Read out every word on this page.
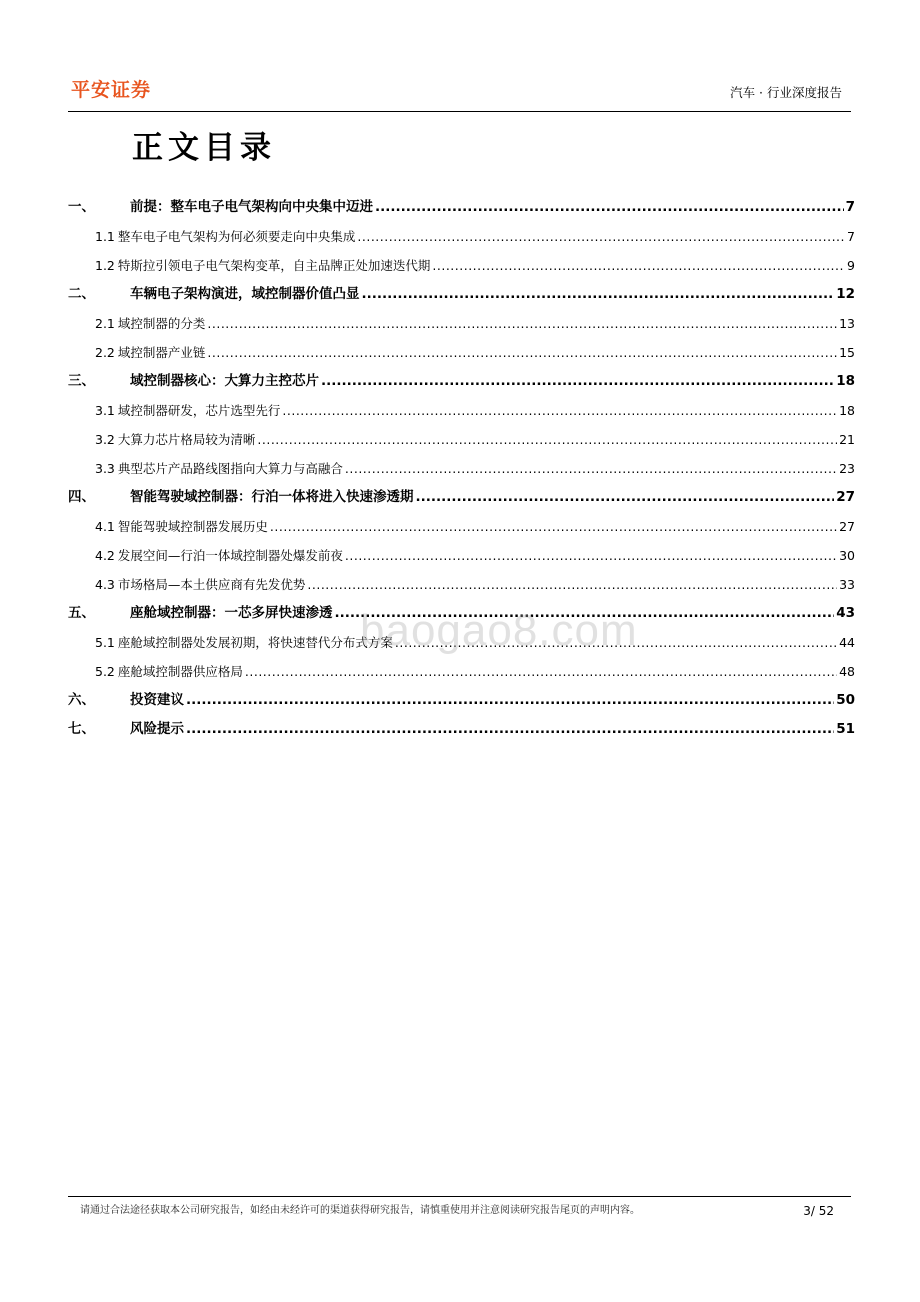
平安证券	汽车 · 行业深度报告
正文目录
一、	前提：整车电子电气架构向中央集中迈进 .....	7
1.1 整车电子电气架构为何必须要走向中央集成 .....	7
1.2 特斯拉引领电子电气架构变革，自主品牌正处加速迭代期 .....	9
二、	车辆电子架构演进，域控制器价值凸显 .....	12
2.1 域控制器的分类 .....	13
2.2 域控制器产业链 .....	15
三、	域控制器核心：大算力主控芯片 .....	18
3.1 域控制器研发，芯片选型先行 .....	18
3.2 大算力芯片格局较为清晰 .....	21
3.3 典型芯片产品路线图指向大算力与高融合 .....	23
四、	智能驾驶域控制器：行泊一体将进入快速渗透期 .....	27
4.1 智能驾驶域控制器发展历史 .....	27
4.2 发展空间—行泊一体域控制器处爆发前夜 .....	30
4.3 市场格局—本土供应商有先发优势 .....	33
五、	座舱域控制器：一芯多屏快速渗透 .....	43
5.1 座舱域控制器处发展初期，将快速替代分布式方案 .....	44
5.2 座舱域控制器供应格局 .....	48
六、	投资建议 .....	50
七、	风险提示 .....	51
baogao8.com
请通过合法途径获取本公司研究报告，如经由未经许可的渠道获得研究报告，请慎重使用并注意阅读研究报告尾页的声明内容。	3/ 52
